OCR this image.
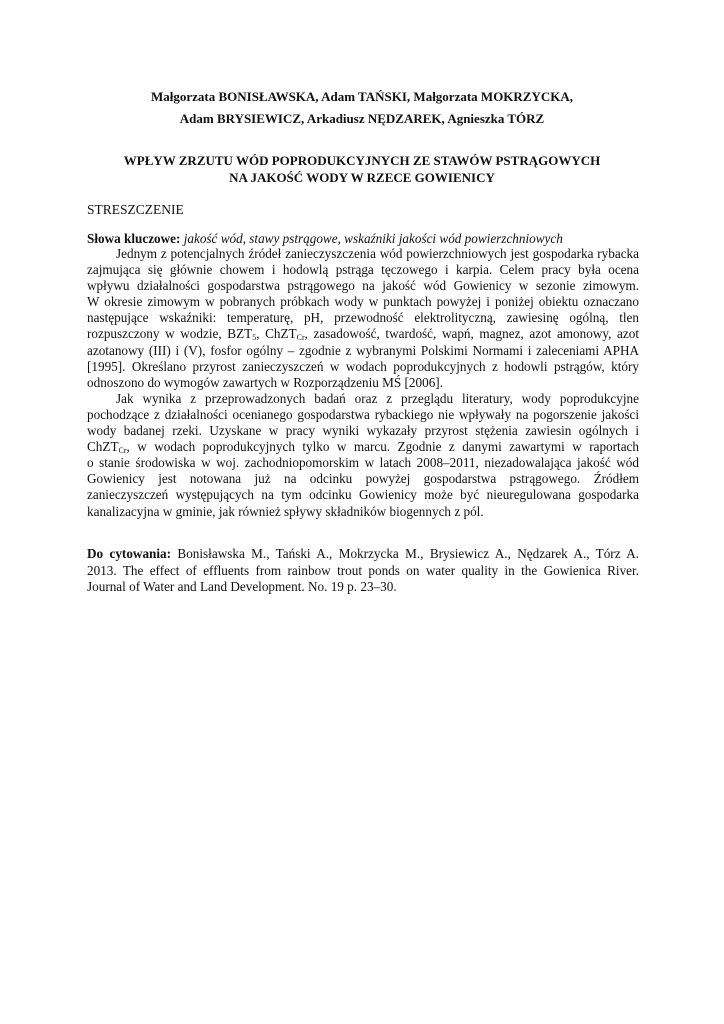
Małgorzata BONISŁAWSKA, Adam TAŃSKI, Małgorzata MOKRZYCKA,
Adam BRYSIEWICZ, Arkadiusz NĘDZAREK, Agnieszka TÓRZ
WPŁYW ZRZUTU WÓD POPRODUKCYJNYCH ZE STAWÓW PSTRĄGOWYCH
NA JAKOŚĆ WODY W RZECE GOWIENICY
STRESZCZENIE
Słowa kluczowe: jakość wód, stawy pstrągowe, wskaźniki jakości wód powierzchniowych
Jednym z potencjalnych źródeł zanieczyszczenia wód powierzchniowych jest gospodarka rybacka
zajmująca się głównie chowem i hodowlą pstrąga tęczowego i karpia. Celem pracy była ocena
wpływu działalności gospodarstwa pstrągowego na jakość wód Gowienicy w sezonie zimowym.
W okresie zimowym w pobranych próbkach wody w punktach powyżej i poniżej obiektu oznaczano
następujące wskaźniki: temperaturę, pH, przewodność elektrolityczną, zawiesinę ogólną, tlen
rozpuszczony w wodzie, $BZT_5$, ChZT$_{Cr}$, zasadowość, twardość, wapń, magnez, azot amonowy, azot
azotanowy (III) i (V), fosfor ogólny – zgodnie z wybranymi Polskimi Normami i zaleceniami APHA
[1995]. Określano przyrost zanieczyszczeń w wodach poprodukcyjnych z hodowli pstrągów, który
odnoszono do wymogów zawartych w Rozporządzeniu MŚ [2006].
Jak wynika z przeprowadzonych badań oraz z przeglądu literatury, wody poprodukcyjne
pochodzące z działalności ocenianego gospodarstwa rybackiego nie wpływały na pogorszenie jakości
wody badanej rzeki. Uzyskane w pracy wyniki wykazały przyrost stężenia zawiesin ogólnych i
ChZT$_{Cr}$, w wodach poprodukcyjnych tylko w marcu. Zgodnie z danymi zawartymi w raportach
o stanie środowiska w woj. zachodniopomorskim w latach 2008–2011, niezadowalająca jakość wód
Gowienicy jest notowana już na odcinku powyżej gospodarstwa pstrągowego. Źródłem
zanieczyszczeń występujących na tym odcinku Gowienicy może być nieuregulowana gospodarka
kanalizacyjna w gminie, jak również spływy składników biogennych z pól.
Do cytowania: Bonisławska M., Tański A., Mokrzycka M., Brysiewicz A., Nędzarek A., Tórz A.
2013. The effect of effluents from rainbow trout ponds on water quality in the Gowienica River.
Journal of Water and Land Development. No. 19 p. 23–30.
